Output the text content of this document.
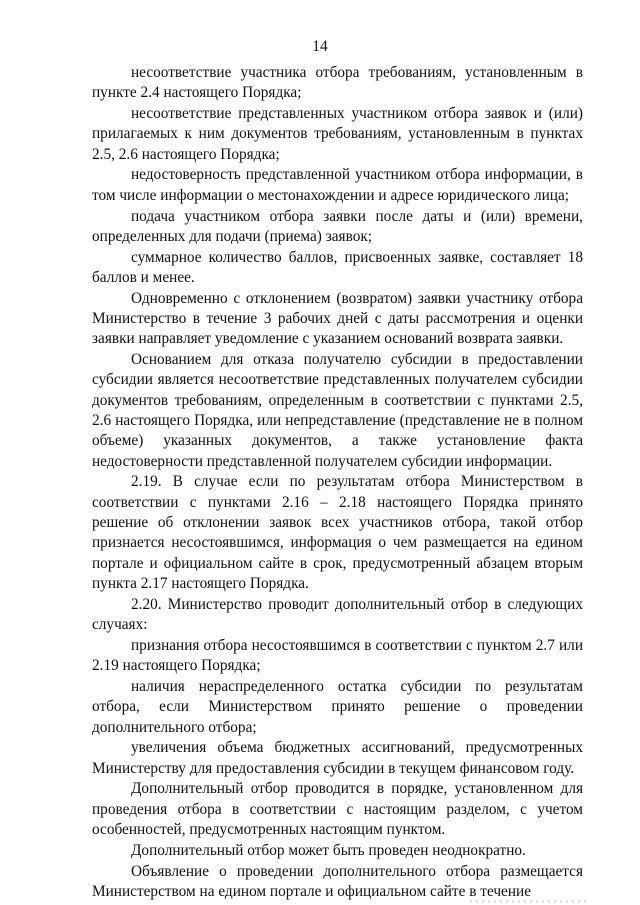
14

несоответствие участника отбора требованиям, установленным в пункте 2.4 настоящего Порядка;

несоответствие представленных участником отбора заявок и (или) прилагаемых к ним документов требованиям, установленным в пунктах 2.5, 2.6 настоящего Порядка;

недостоверность представленной участником отбора информации, в том числе информации о местонахождении и адресе юридического лица;

подача участником отбора заявки после даты и (или) времени, определенных для подачи (приема) заявок;

суммарное количество баллов, присвоенных заявке, составляет 18 баллов и менее.

Одновременно с отклонением (возвратом) заявки участнику отбора Министерство в течение 3 рабочих дней с даты рассмотрения и оценки заявки направляет уведомление с указанием оснований возврата заявки.

Основанием для отказа получателю субсидии в предоставлении субсидии является несоответствие представленных получателем субсидии документов требованиям, определенным в соответствии с пунктами 2.5, 2.6 настоящего Порядка, или непредставление (представление не в полном объеме) указанных документов, а также установление факта недостоверности представленной получателем субсидии информации.

2.19. В случае если по результатам отбора Министерством в соответствии с пунктами 2.16 – 2.18 настоящего Порядка принято решение об отклонении заявок всех участников отбора, такой отбор признается несостоявшимся, информация о чем размещается на едином портале и официальном сайте в срок, предусмотренный абзацем вторым пункта 2.17 настоящего Порядка.

2.20. Министерство проводит дополнительный отбор в следующих случаях:

признания отбора несостоявшимся в соответствии с пунктом 2.7 или 2.19 настоящего Порядка;

наличия нераспределенного остатка субсидии по результатам отбора, если Министерством принято решение о проведении дополнительного отбора;

увеличения объема бюджетных ассигнований, предусмотренных Министерству для предоставления субсидии в текущем финансовом году.

Дополнительный отбор проводится в порядке, установленном для проведения отбора в соответствии с настоящим разделом, с учетом особенностей, предусмотренных настоящим пунктом.

Дополнительный отбор может быть проведен неоднократно.

Объявление о проведении дополнительного отбора размещается Министерством на едином портале и официальном сайте в течение
